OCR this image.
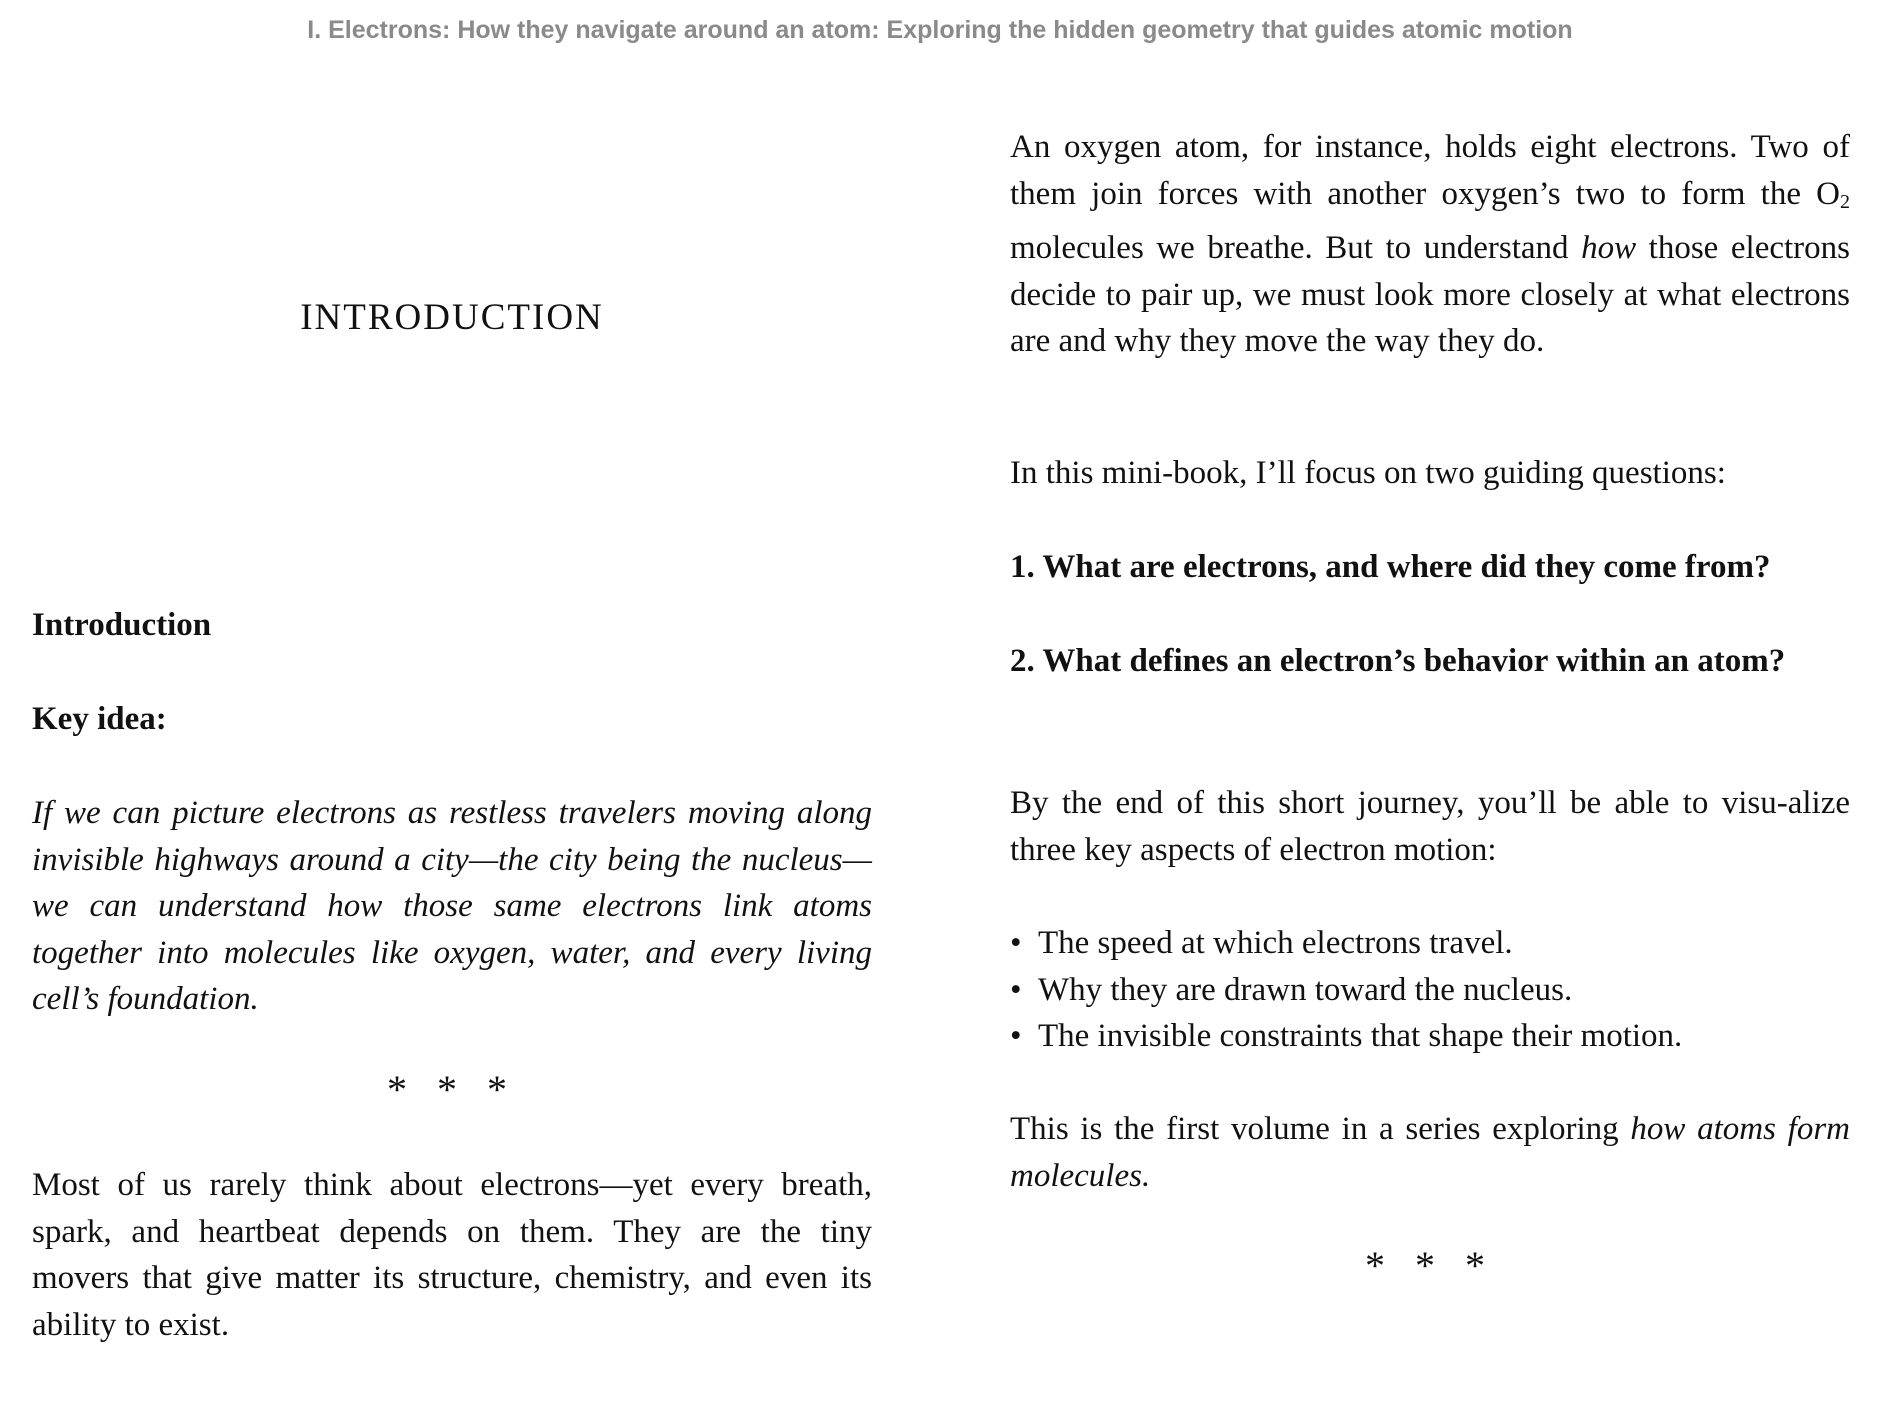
I. Electrons: How they navigate around an atom: Exploring the hidden geometry that guides atomic motion
INTRODUCTION

Introduction

Key idea:

If we can picture electrons as restless travelers moving along invisible highways around a city—the city being the nucleus—we can understand how those same electrons link atoms together into molecules like oxygen, water, and every living cell’s foundation.

* * *

Most of us rarely think about electrons—yet every breath, spark, and heartbeat depends on them. They are the tiny movers that give matter its structure, chemistry, and even its ability to exist.

An oxygen atom, for instance, holds eight electrons. Two of them join forces with another oxygen’s two to form the $O_2$ molecules we breathe. But to understand how those electrons decide to pair up, we must look more closely at what electrons are and why they move the way they do.

In this mini-book, I’ll focus on two guiding questions:

1. What are electrons, and where did they come from?

2. What defines an electron’s behavior within an atom?

By the end of this short journey, you’ll be able to visu-alize three key aspects of electron motion:

• The speed at which electrons travel.
• Why they are drawn toward the nucleus.
• The invisible constraints that shape their motion.

This is the first volume in a series exploring how atoms form molecules.

* * *
